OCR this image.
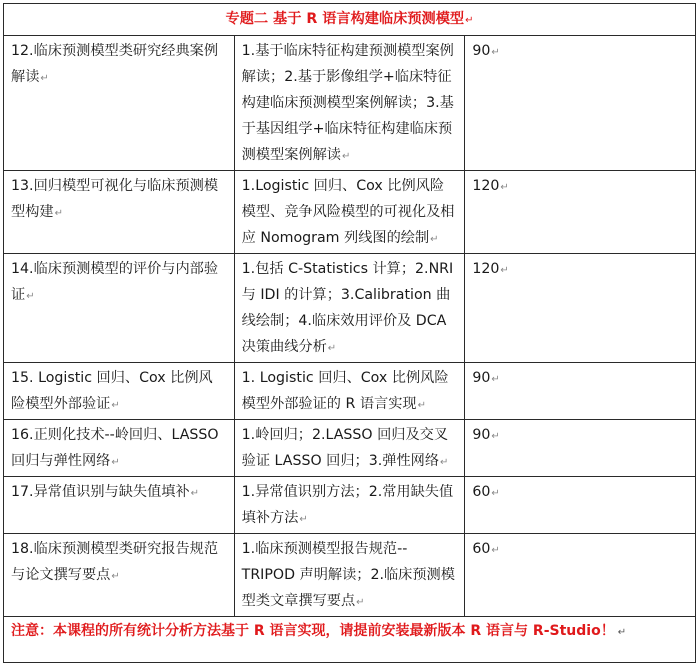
专题二 基于 R 语言构建临床预测模型↵		
12.临床预测模型类研究经典案例解读↵	1.基于临床特征构建预测模型案例解读；2.基于影像组学+临床特征构建临床预测模型案例解读；3.基于基因组学+临床特征构建临床预测模型案例解读↵	90↵
13.回归模型可视化与临床预测模型构建↵	1.Logistic 回归、Cox 比例风险模型、竞争风险模型的可视化及相应 Nomogram 列线图的绘制↵	120↵
14.临床预测模型的评价与内部验证↵	1.包括 C-Statistics 计算；2.NRI 与 IDI 的计算；3.Calibration 曲线绘制；4.临床效用评价及 DCA 决策曲线分析↵	120↵
15. Logistic 回归、Cox 比例风险模型外部验证↵	1. Logistic 回归、Cox 比例风险模型外部验证的 R 语言实现↵	90↵
16.正则化技术--岭回归、LASSO 回归与弹性网络↵	1.岭回归；2.LASSO 回归及交叉验证 LASSO 回归；3.弹性网络↵	90↵
17.异常值识别与缺失值填补↵	1.异常值识别方法；2.常用缺失值填补方法↵	60↵
18.临床预测模型类研究报告规范与论文撰写要点↵	1.临床预测模型报告规范--TRIPOD 声明解读；2.临床预测模型类文章撰写要点↵	60↵
注意：本课程的所有统计分析方法基于 R 语言实现，请提前安装最新版本 R 语言与 R-Studio！ ↵		
